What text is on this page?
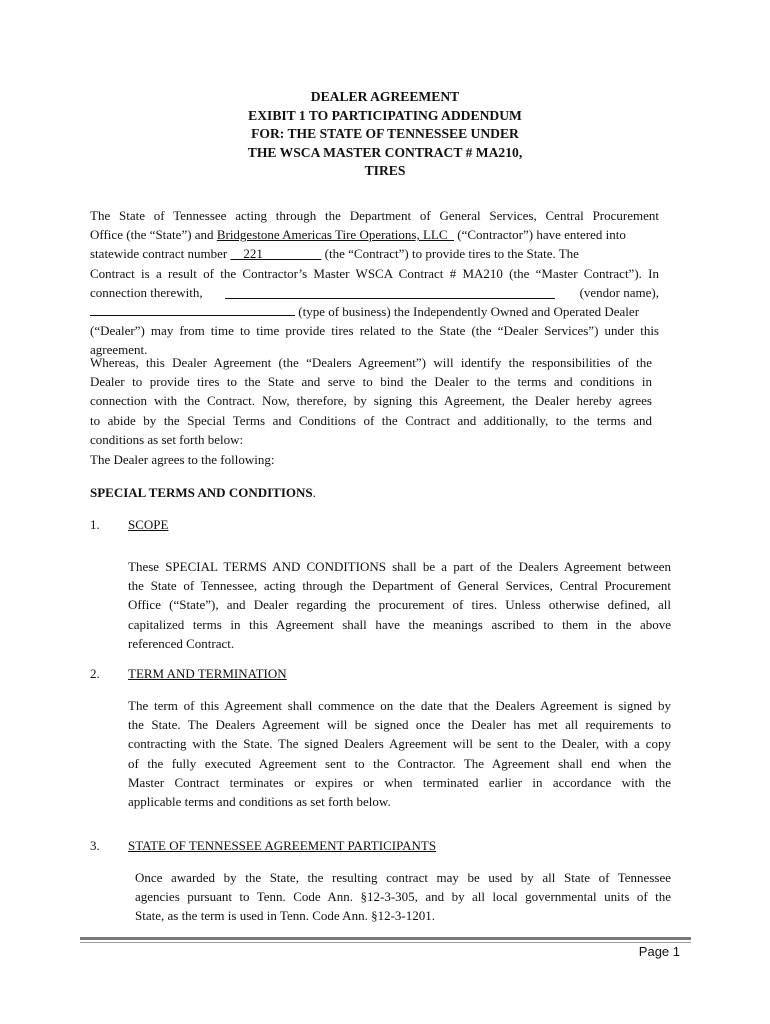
DEALER AGREEMENT
EXIBIT 1 TO PARTICIPATING ADDENDUM
FOR: THE STATE OF TENNESSEE UNDER
THE WSCA MASTER CONTRACT # MA210,
TIRES
The State of Tennessee acting through the Department of General Services, Central Procurement
Office (the “State”) and Bridgestone Americas Tire Operations, LLC   (“Contractor”) have entered into
statewide contract number     221	(the “Contract”) to provide tires to the State. The
Contract is a result of the Contractor’s Master WSCA Contract # MA210 (the “Master Contract”). In
connection therewith,	(vendor name),

(type of business) the Independently Owned and Operated Dealer
(“Dealer”) may from time to time provide tires related to the State (the “Dealer Services”) under this
agreement.
Whereas, this Dealer Agreement (the “Dealers Agreement”) will identify the responsibilities of the
Dealer to provide tires to the State and serve to bind the Dealer to the terms and conditions in
connection with the Contract. Now, therefore, by signing this Agreement, the Dealer hereby agrees
to abide by the Special Terms and Conditions of the Contract and additionally, to the terms and
conditions as set forth below:
The Dealer agrees to the following:
SPECIAL TERMS AND CONDITIONS.
1. SCOPE
These SPECIAL TERMS AND CONDITIONS shall be a part of the Dealers Agreement between
the State of Tennessee, acting through the Department of General Services, Central Procurement
Office (“State”), and Dealer regarding the procurement of tires. Unless otherwise defined, all
capitalized terms in this Agreement shall have the meanings ascribed to them in the above
referenced Contract.
2. TERM AND TERMINATION
The term of this Agreement shall commence on the date that the Dealers Agreement is signed by
the State. The Dealers Agreement will be signed once the Dealer has met all requirements to
contracting with the State. The signed Dealers Agreement will be sent to the Dealer, with a copy
of the fully executed Agreement sent to the Contractor. The Agreement shall end when the
Master Contract terminates or expires or when terminated earlier in accordance with the
applicable terms and conditions as set forth below.
3. STATE OF TENNESSEE AGREEMENT PARTICIPANTS
Once awarded by the State, the resulting contract may be used by all State of Tennessee
agencies pursuant to Tenn. Code Ann. §12-3-305, and by all local governmental units of the
State, as the term is used in Tenn. Code Ann. §12-3-1201.
Page 1
